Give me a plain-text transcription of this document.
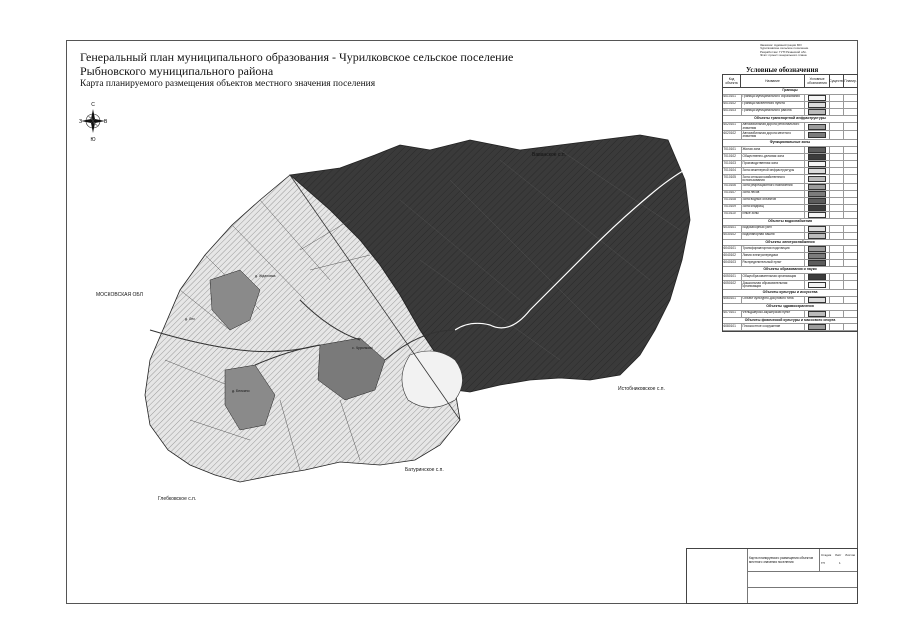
Генеральный план муниципального образования - Чурилковское сельское поселение
Рыбновского муниципального района
Карта планируемого размещения объектов местного значения поселения
С
Ю
З	В
Ваванское с.п.
МОСКОВСКАЯ ОБЛ
Истобниковское с.п.
Батуринское с.п.
Глебковское с.п.
д. Ждановка
с. Чурилково
д. Белкино
д. Лес
Заказчик: Администрация МО
Чурилковское сельское поселение
Разработчик: ГУП Рязанской обл.
Этап: проект генерального плана
Условные обозначения
Код объекта	Название	Условные обозначения Существ. Планир.
Границы
6010101	Граница муниципального образования
6010102	Граница населённого пункта
6010103	Граница муниципального района
Объекты транспортной инфраструктуры
6020101	Автомобильная дорога регионального значения
6020102	Автомобильная дорога местного значения
Функциональные зоны
7010101	Жилая зона
7010102	Общественно-деловая зона
7010103	Производственная зона
7010104	Зона инженерной инфраструктуры
7010105	Зона сельскохозяйственного использования
7010106	Зона рекреационного назначения
7010107	Зона лесов
7010108	Зона водных объектов
7010109	Зона кладбищ
7010110	Иные зоны
Объекты водоснабжения
6030101	Водозаборный узел
6030102	Водонапорная башня
Объекты электроснабжения
6040101	Трансформаторная подстанция
6040102	Линия электропередачи
6040103	Распределительный пункт
Объекты образования и науки
6050101	Общеобразовательная организация
6050102	Дошкольная образовательная организация
Объекты культуры и искусства
6060101	Объект культурно-досугового типа
Объекты здравоохранения
6070101	Фельдшерско-акушерский пункт
Объекты физической культуры и массового спорта
6080101	Плоскостное сооружение
Карта планируемого размещения объектов местного значения поселения
Стадия Лист Листов
ГП	1
